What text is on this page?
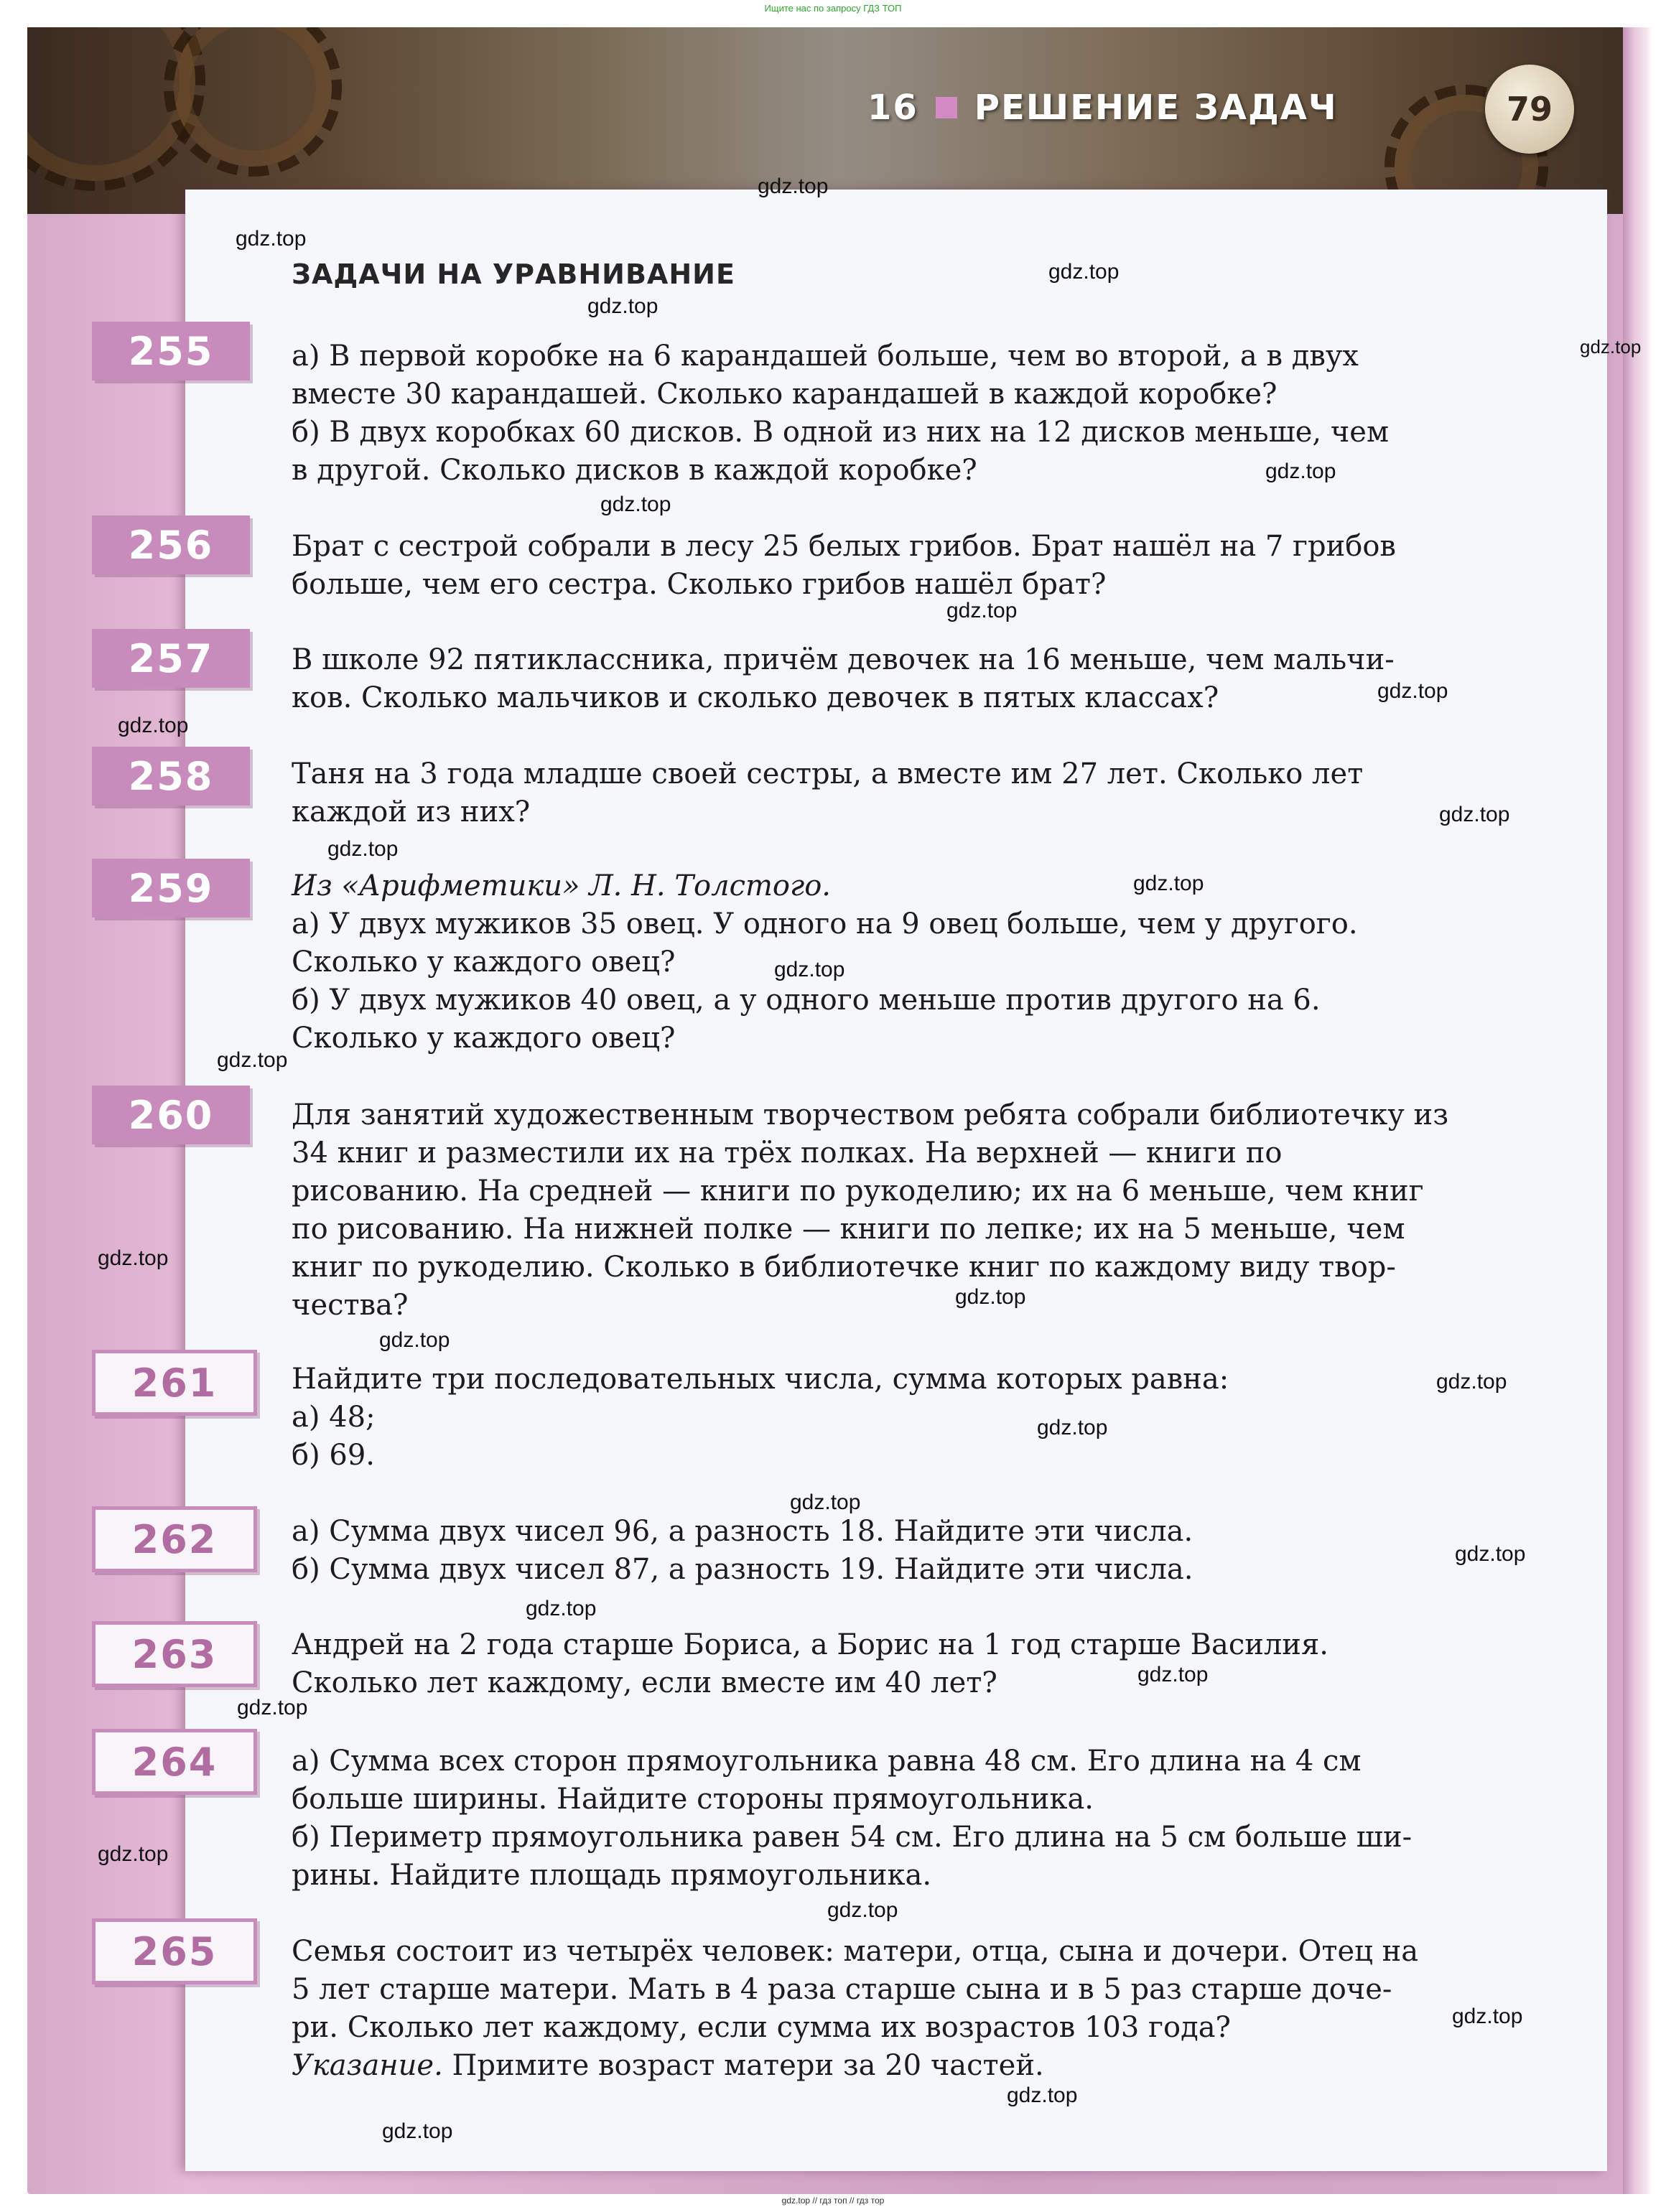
Ищите нас по запросу ГДЗ ТОП
16 РЕШЕНИЕ ЗАДАЧ	79
ЗАДАЧИ НА УРАВНИВАНИЕ
255	а) В первой коробке на 6 карандашей больше, чем во второй, а в двух
вместе 30 карандашей. Сколько карандашей в каждой коробке?
б) В двух коробках 60 дисков. В одной из них на 12 дисков меньше, чем
в другой. Сколько дисков в каждой коробке?
256	Брат с сестрой собрали в лесу 25 белых грибов. Брат нашёл на 7 грибов
больше, чем его сестра. Сколько грибов нашёл брат?
257	В школе 92 пятиклассника, причём девочек на 16 меньше, чем мальчи-
ков. Сколько мальчиков и сколько девочек в пятых классах?
258	Таня на 3 года младше своей сестры, а вместе им 27 лет. Сколько лет
каждой из них?
259	Из «Арифметики» Л. Н. Толстого.
а) У двух мужиков 35 овец. У одного на 9 овец больше, чем у другого.
Сколько у каждого овец?
б) У двух мужиков 40 овец, а у одного меньше против другого на 6.
Сколько у каждого овец?
260	Для занятий художественным творчеством ребята собрали библиотечку из
34 книг и разместили их на трёх полках. На верхней — книги по
рисованию. На средней — книги по рукоделию; их на 6 меньше, чем книг
по рисованию. На нижней полке — книги по лепке; их на 5 меньше, чем
книг по рукоделию. Сколько в библиотечке книг по каждому виду твор-
чества?
261	Найдите три последовательных числа, сумма которых равна:
а) 48;
б) 69.
262	а) Сумма двух чисел 96, а разность 18. Найдите эти числа.
б) Сумма двух чисел 87, а разность 19. Найдите эти числа.
263	Андрей на 2 года старше Бориса, а Борис на 1 год старше Василия.
Сколько лет каждому, если вместе им 40 лет?
264	а) Сумма всех сторон прямоугольника равна 48 см. Его длина на 4 см
больше ширины. Найдите стороны прямоугольника.
б) Периметр прямоугольника равен 54 см. Его длина на 5 см больше ши-
рины. Найдите площадь прямоугольника.
265	Семья состоит из четырёх человек: матери, отца, сына и дочери. Отец на
5 лет старше матери. Мать в 4 раза старше сына и в 5 раз старше доче-
ри. Сколько лет каждому, если сумма их возрастов 103 года?
Указание. Примите возраст матери за 20 частей.
gdz.top
gdz.top
gdz.top
gdz.top
gdz.top
gdz.top
gdz.top
gdz.top
gdz.top
gdz.top
gdz.top
gdz.top
gdz.top
gdz.top
gdz.top
gdz.top
gdz.top
gdz.top
gdz.top
gdz.top
gdz.top
gdz.top
gdz.top
gdz.top
gdz.top
gdz.top
gdz.top
gdz.top
gdz.top
gdz.top
gdz.top // гдз топ // гдз тор
